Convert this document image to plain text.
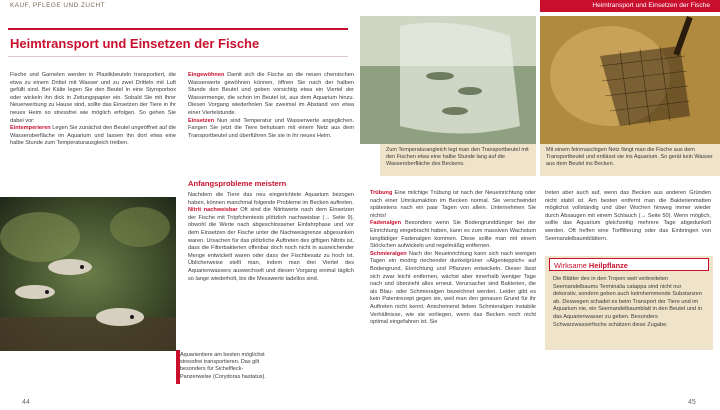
KAUF, PFLEGE UND ZUCHT	Heimtransport und Einsetzen der Fische
Heimtransport und Einsetzen der Fische

Fische und Garnelen werden in Plastikbeuteln transportiert, die etwa zu einem Drittel mit Wasser und zu zwei Dritteln mit Luft gefüllt sind. Bei Kälte legen Sie den Beutel in eine Styroporbox oder wickeln ihn dick in Zeitungspapier ein. Sobald Sie mit Ihrer Neuerwerbung zu Hause sind, sollte das Einsetzen der Tiere in ihr neues Heim so stressfrei wie möglich erfolgen. So gehen Sie dabei vor:

Eintemperieren Legen Sie zunächst den Beutel ungeöffnet auf die Wasseroberfläche im Aquarium und lassen ihn dort etwa eine halbe Stunde zum Temperaturausgleich treiben.

Aquarientiere am besten möglichst stressfrei transportieren. Das gilt besonders für Sichelfleck-Panzerwelse (Corydoras hastatus).

Eingewöhnen Damit sich die Fische an die neuen chemischen Wasserwerte gewöhnen können, öffnen Sie nach der halben Stunde den Beutel und geben vorsichtig etwa ein Viertel der Wassermenge, die schon im Beutel ist, aus dem Aquarium hinzu. Diesen Vorgang wiederholen Sie zweimal im Abstand von etwa einer Viertelstunde.

Einsetzen Nun sind Temperatur und Wasserwerte angeglichen. Fangen Sie jetzt die Tiere behutsam mit einem Netz aus dem Transportbeutel und überführen Sie sie in ihr neues Heim.

Anfangsprobleme meistern

Nachdem die Tiere das neu eingerichtete Aquarium bezogen haben, können manchmal folgende Probleme im Becken auftreten.

Nitrit nachweisbar Oft sind die Nitritwerte nach dem Einsetzen der Fische mit Tröpfchentests plötzlich nachweisbar (→ Seite 9), obwohl die Werte nach abgeschlossener Einfahrphase und vor dem Einsetzen der Fische unter die Nachweisgrenze abgesunken waren. Ursachen für das plötzliche Auftreten des giftigen Nitrits ist, dass die Filterbakterien offenbar doch noch nicht in ausreichender Menge entwickelt waren oder dass der Fischbesatz zu hoch ist. Üblicherweise stellt man, indem man drei Viertel des Aquarienwassers auswechselt und diesen Vorgang einmal täglich so lange wiederholt, bis die Messwerte tadellos sind.

Zum Temperaturangleich legt man den Transportbeutel mit den Fischen etwa eine halbe Stunde lang auf die Wasseroberfläche des Beckens.
Mit einem feinmaschigen Netz fängt man die Fische aus dem Transportbeutel und entlässt sie ins Aquarium. So gerät kein Wasser aus dem Beutel ins Becken.

Trübung Eine milchige Trübung ist nach der Neueinrichtung oder nach einer Umräumaktion im Becken normal. Sie verschwindet spätestens nach ein paar Tagen von allein. Unternehmen Sie nichts!

Fadenalgen Besonders wenn Sie Bodengrunddünger bei der Einrichtung eingebracht haben, kann es zum massiven Wachstum langfädiger Fadenalgen kommen. Diese sollte man mit einem Stöckchen aufwickeln und regelmäßig entfernen.

Schmieralgen Nach der Neueinrichtung kann sich nach wenigen Tagen ein modrig riechender dunkelgrüner »Algenteppich« auf Bodengrund, Einrichtung und Pflanzen entwickeln. Dieser lässt sich zwar leicht entfernen, wächst aber innerhalb weniger Tage nach und überzieht alles erneut. Verursacher sind Bakterien, die als Blau- oder Schmieralgen bezeichnet werden. Leider gibt es kein Patentrezept gegen sie, weil man den genauen Grund für ihr Auftreten nicht kennt. Anscheinend lieben Schmieralgen instabile Verhältnisse, wie sie vorliegen, wenn das Becken noch nicht optimal eingefahren ist. Sie

treten aber auch auf, wenn das Becken aus anderen Gründen nicht stabil ist. Am besten entfernt man die Bakterienmatten möglichst vollständig und über Wochen hinweg immer wieder durch Absaugen mit einem Schlauch (→ Seite 50). Wenn möglich, sollte das Aquarium gleichzeitig mehrere Tage abgedunkelt werden. Oft helfen eine Torffilterung oder das Einbringen von Seemandelbaumblättern.

Wirksame Heilpflanze
Die Blätter des in den Tropen weit verbreiteten Seemandelbaums Terminalia catappa sind nicht nur dekorativ, sondern geben auch keimhemmende Substanzen ab. Deswegen schadet es beim Transport der Tiere und im Aquarium nie, ein Seemandelbaumblatt in den Beutel und in das Aquarienwasser zu geben. Besonders Schwarzwasserfische schätzen diese Zugabe.
44	45
